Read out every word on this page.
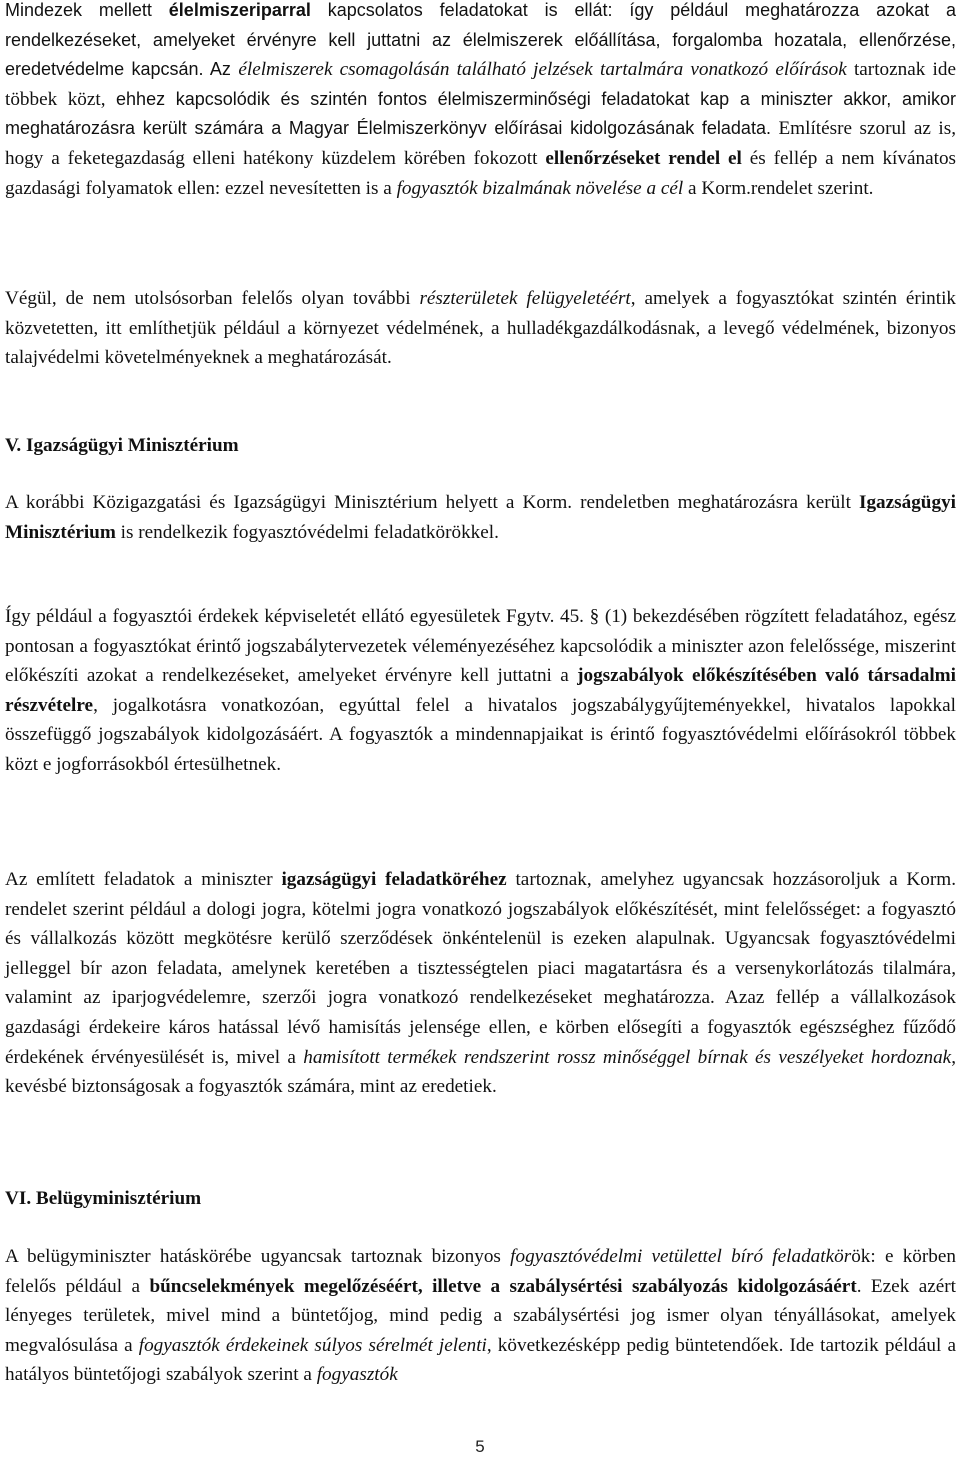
Mindezek mellett élelmiszeriparral kapcsolatos feladatokat is ellát: így például meghatározza azokat a rendelkezéseket, amelyeket érvényre kell juttatni az élelmiszerek előállítása, forgalomba hozatala, ellenőrzése, eredetvédelme kapcsán. Az élelmiszerek csomagolásán található jelzések tartalmára vonatkozó előírások tartoznak ide többek közt, ehhez kapcsolódik és szintén fontos élelmiszerminőségi feladatokat kap a miniszter akkor, amikor meghatározásra került számára a Magyar Élelmiszerkönyv előírásai kidolgozásának feladata. Említésre szorul az is, hogy a feketegazdaság elleni hatékony küzdelem körében fokozott ellenőrzéseket rendel el és fellép a nem kívánatos gazdasági folyamatok ellen: ezzel nevesítetten is a fogyasztók bizalmának növelése a cél a Korm.rendelet szerint.

Végül, de nem utolsósorban felelős olyan további részterületek felügyeletéért, amelyek a fogyasztókat szintén érintik közvetetten, itt említhetjük például a környezet védelmének, a hulladékgazdálkodásnak, a levegő védelmének, bizonyos talajvédelmi követelményeknek a meghatározását.

V. Igazságügyi Minisztérium

A korábbi Közigazgatási és Igazságügyi Minisztérium helyett a Korm. rendeletben meghatározásra került Igazságügyi Minisztérium is rendelkezik fogyasztóvédelmi feladatkörökkel.

Így például a fogyasztói érdekek képviseletét ellátó egyesületek Fgytv. 45. § (1) bekezdésében rögzített feladatához, egész pontosan a fogyasztókat érintő jogszabálytervezetek véleményezéséhez kapcsolódik a miniszter azon felelőssége, miszerint előkészíti azokat a rendelkezéseket, amelyeket érvényre kell juttatni a jogszabályok előkészítésében való társadalmi részvételre, jogalkotásra vonatkozóan, egyúttal felel a hivatalos jogszabálygyűjteményekkel, hivatalos lapokkal összefüggő jogszabályok kidolgozásáért. A fogyasztók a mindennapjaikat is érintő fogyasztóvédelmi előírásokról többek közt e jogforrásokból értesülhetnek.

Az említett feladatok a miniszter igazságügyi feladatköréhez tartoznak, amelyhez ugyancsak hozzásoroljuk a Korm. rendelet szerint például a dologi jogra, kötelmi jogra vonatkozó jogszabályok előkészítését, mint felelősséget: a fogyasztó és vállalkozás között megkötésre kerülő szerződések önkéntelenül is ezeken alapulnak. Ugyancsak fogyasztóvédelmi jelleggel bír azon feladata, amelynek keretében a tisztességtelen piaci magatartásra és a versenykorlátozás tilalmára, valamint az iparjogvédelemre, szerzői jogra vonatkozó rendelkezéseket meghatározza. Azaz fellép a vállalkozások gazdasági érdekeire káros hatással lévő hamisítás jelensége ellen, e körben elősegíti a fogyasztók egészséghez fűződő érdekének érvényesülését is, mivel a hamisított termékek rendszerint rossz minőséggel bírnak és veszélyeket hordoznak, kevésbé biztonságosak a fogyasztók számára, mint az eredetiek.

VI. Belügyminisztérium

A belügyminiszter hatáskörébe ugyancsak tartoznak bizonyos fogyasztóvédelmi vetülettel bíró feladatkörök: e körben felelős például a bűncselekmények megelőzéséért, illetve a szabálysértési szabályozás kidolgozásáért. Ezek azért lényeges területek, mivel mind a büntetőjog, mind pedig a szabálysértési jog ismer olyan tényállásokat, amelyek megvalósulása a fogyasztók érdekeinek súlyos sérelmét jelenti, következésképp pedig büntetendőek. Ide tartozik például a hatályos büntetőjogi szabályok szerint a fogyasztók

5
